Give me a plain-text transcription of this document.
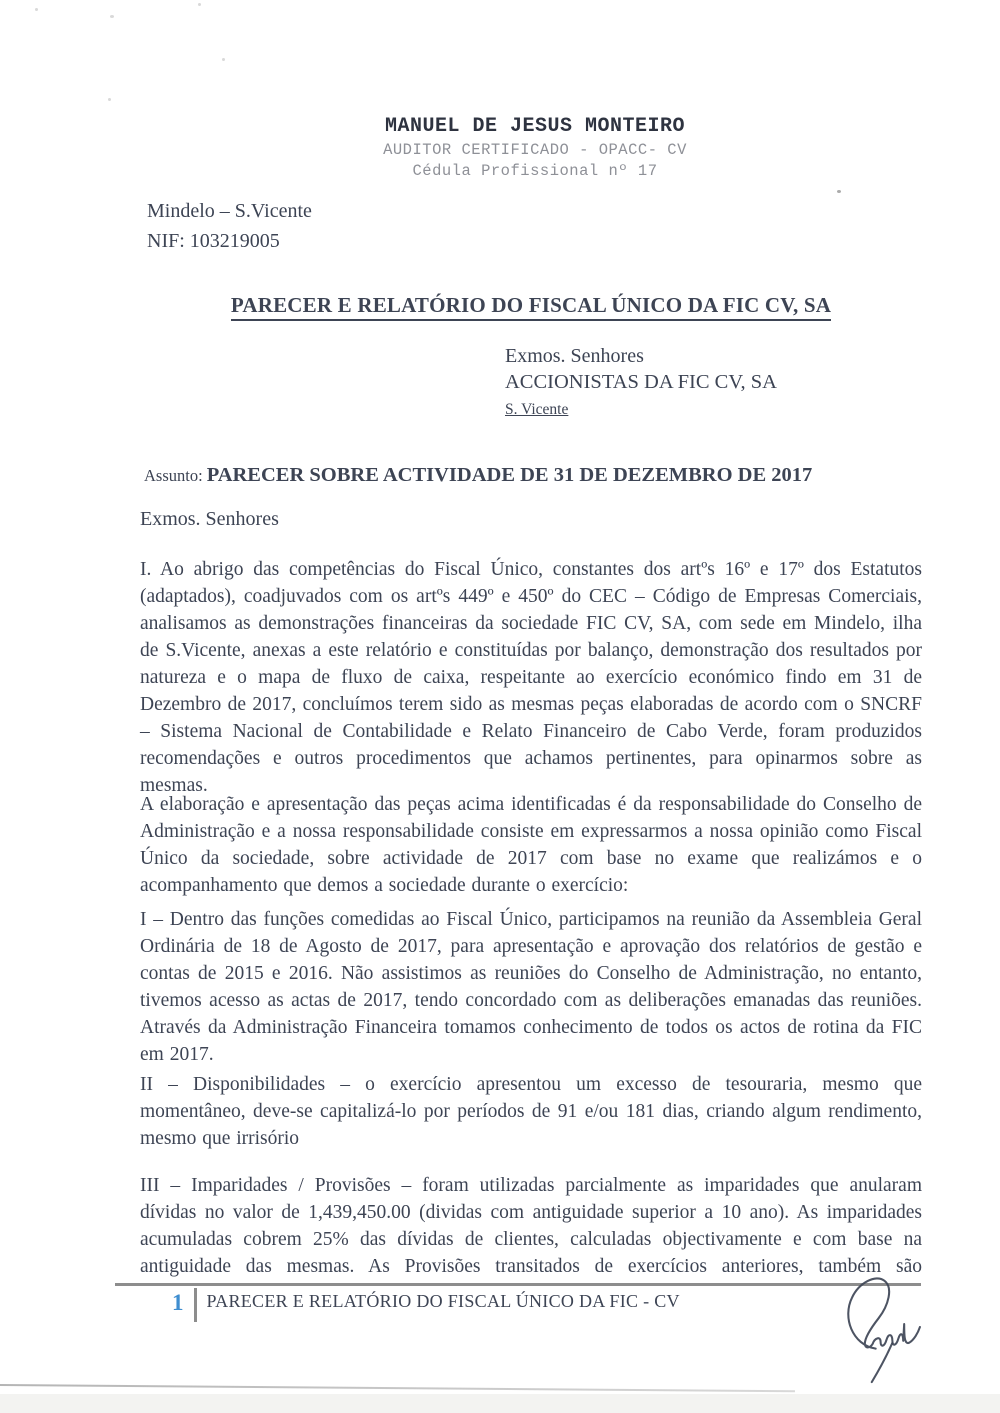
MANUEL DE JESUS MONTEIRO
AUDITOR CERTIFICADO - OPACC- CV
Cédula Profissional nº 17
Mindelo – S.Vicente
NIF: 103219005
PARECER E RELATÓRIO DO FISCAL ÚNICO DA FIC CV, SA
Exmos. Senhores
ACCIONISTAS DA FIC CV, SA
S. Vicente
Assunto: PARECER SOBRE ACTIVIDADE DE 31 DE DEZEMBRO DE 2017
Exmos. Senhores

I. Ao abrigo das competências do Fiscal Único, constantes dos artºs 16º e 17º dos Estatutos (adaptados), coadjuvados com os artºs 449º e 450º do CEC – Código de Empresas Comerciais, analisamos as demonstrações financeiras da sociedade FIC CV, SA, com sede em Mindelo, ilha de S.Vicente, anexas a este relatório e constituídas por balanço, demonstração dos resultados por natureza e o mapa de fluxo de caixa, respeitante ao exercício económico findo em 31 de Dezembro de 2017, concluímos terem sido as mesmas peças elaboradas de acordo com o SNCRF – Sistema Nacional de Contabilidade e Relato Financeiro de Cabo Verde, foram produzidos recomendações e outros procedimentos que achamos pertinentes, para opinarmos sobre as mesmas.

A elaboração e apresentação das peças acima identificadas é da responsabilidade do Conselho de Administração e a nossa responsabilidade consiste em expressarmos a nossa opinião como Fiscal Único da sociedade, sobre actividade de 2017 com base no exame que realizámos e o acompanhamento que demos a sociedade durante o exercício:

I – Dentro das funções comedidas ao Fiscal Único, participamos na reunião da Assembleia Geral Ordinária de 18 de Agosto de 2017, para apresentação e aprovação dos relatórios de gestão e contas de 2015 e 2016. Não assistimos as reuniões do Conselho de Administração, no entanto, tivemos acesso as actas de 2017, tendo concordado com as deliberações emanadas das reuniões. Através da Administração Financeira tomamos conhecimento de todos os actos de rotina da FIC em 2017.

II – Disponibilidades – o exercício apresentou um excesso de tesouraria, mesmo que momentâneo, deve-se capitalizá-lo por períodos de 91 e/ou 181 dias, criando algum rendimento, mesmo que irrisório

III – Imparidades / Provisões – foram utilizadas parcialmente as imparidades que anularam dívidas no valor de 1,439,450.00 (dividas com antiguidade superior a 10 ano). As imparidades acumuladas cobrem 25% das dívidas de clientes, calculadas objectivamente e com base na antiguidade das mesmas. As Provisões transitados de exercícios anteriores, também são

1 PARECER E RELATÓRIO DO FISCAL ÚNICO DA FIC - CV
